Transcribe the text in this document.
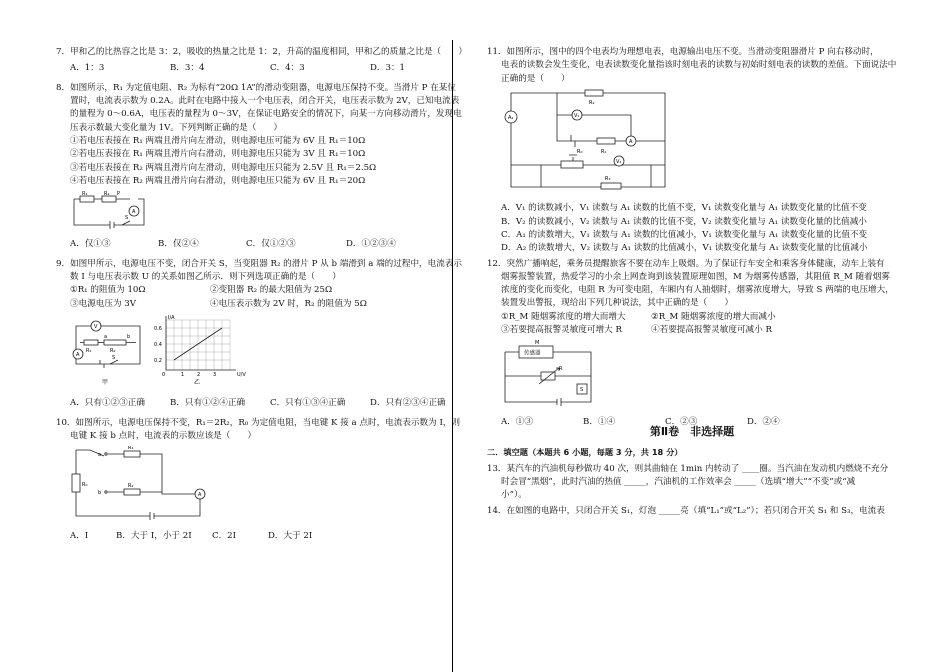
7．甲和乙的比热容之比是 3：2，吸收的热量之比是 1：2，升高的温度相同，甲和乙的质量之比是（　　）
A．1：3	B．3：4	C．4：3	D．3：1
8．如图所示，R₁ 为定值电阻、R₂ 为标有“20Ω 1A”的滑动变阻器，电源电压保持不变。当滑片 P 在某位
置时，电流表示数为 0.2A。此时在电路中接入一个电压表，闭合开关，电压表示数为 2V，已知电流表
的量程为 0～0.6A，电压表的量程为 0～3V，在保证电路安全的情况下，向某一方向移动滑片，发现电
压表示数最大变化量为 1V。下列判断正确的是（　　）
①若电压表接在 R₁ 两端且滑片向左滑动，则电源电压可能为 6V 且 R₁＝10Ω
②若电压表接在 R₁ 两端且滑片向右滑动，则电源电压只能为 3V 且 R₁＝10Ω
③若电压表接在 R₂ 两端且滑片向左滑动，则电源电压只能为 2.5V 且 R₁＝2.5Ω
④若电压表接在 R₂ 两端且滑片向右滑动，则电源电压只能为 6V 且 R₁＝20Ω
R₁	R₂ P
A
S
A．仅①③	B．仅②④	C．仅①②③	D．①②③④
9．如图甲所示，电源电压不变，闭合开关 S，当变阻器 R₂ 的滑片 P 从 b 端滑到 a 端的过程中，电流表示
数 I 与电压表示数 U 的关系如图乙所示．则下列选项正确的是（　　）
①R₁ 的阻值为 10Ω	②变阻器 R₂ 的最大阻值为 25Ω
③电源电压为 3V	④电压表示数为 2V 时，R₂ 的阻值为 5Ω
V
A
R₁	R₂
a	b
S
甲
I/A
U/V
0	1	2	3
0.6
0.4
0.2
乙
A．只有①②③正确	B．只有①②④正确	C．只有①③④正确	D．只有②③④正确
10．如图所示，电源电压保持不变，R₁＝2R₂，R₀ 为定值电阻，当电键 K 接 a 点时，电流表示数为 I，则
电键 K 接 b 点时，电流表的示数应该是（　　）
a
b
R₁
R₂
R₀
A
A．I	B．大于 I，小于 2I	C．2I	D．大于 2I
11．如图所示，图中的四个电表均为理想电表，电源输出电压不变。当滑动变阻器滑片 P 向右移动时，
电表的读数会发生变化，电表读数变化量指该时刻电表的读数与初始时刻电表的读数的差值。下面说法中
正确的是（　　）
A₂	V₁
R₂
R₁
A
V₂
R₀
R₃
A．V₁ 的读数减小，V₁ 读数与 A₁ 读数的比值不变，V₁ 读数变化量与 A₁ 读数变化量的比值不变
B．V₂ 的读数减小，V₂ 读数与 A₁ 读数的比值不变，V₂ 读数变化量与 A₁ 读数变化量的比值减小
C．A₁ 的读数增大，V₁ 读数与 A₁ 读数的比值减小，V₁ 读数变化量与 A₁ 读数变化量的比值不变
D．A₂ 的读数增大，V₂ 读数与 A₁ 读数的比值减小，V₁ 读数变化量与 A₁ 读数变化量的比值减小
12．突然广播响起，乘务员提醒旅客不要在动车上吸烟。为了保证行车安全和乘客身体健康，动车上装有
烟雾报警装置，热爱学习的小余上网查询到该装置原理如图，M 为烟雾传感器，其阻值 R_M 随着烟雾
浓度的变化而变化，电阻 R 为可变电阻，车厢内有人抽烟时，烟雾浓度增大，导致 S 两端的电压增大，
装置发出警报，现给出下列几种说法，其中正确的是（　　）
①R_M 随烟雾浓度的增大而增大	②R_M 随烟雾浓度的增大而减小
③若要提高报警灵敏度可增大 R	④若要提高报警灵敏度可减小 R
M
传感器
R
S
A．①③	B．①④	C．②③	D．②④
第Ⅱ卷　非选择题
二．填空题（本题共 6 小题，每题 3 分，共 18 分）
13．某汽车的汽油机每秒做功 40 次，则其曲轴在 1min 内转动了 ____圈。当汽油在发动机内燃烧不充分
时会冒“黑烟”，此时汽油的热值 _____，汽油机的工作效率会 _____（选填“增大”“不变”或“减
小”）。
14．在如图的电路中，只闭合开关 S₁，灯泡 _____亮（填“L₁”或“L₂”）；若只闭合开关 S₁ 和 S₃，电流表
